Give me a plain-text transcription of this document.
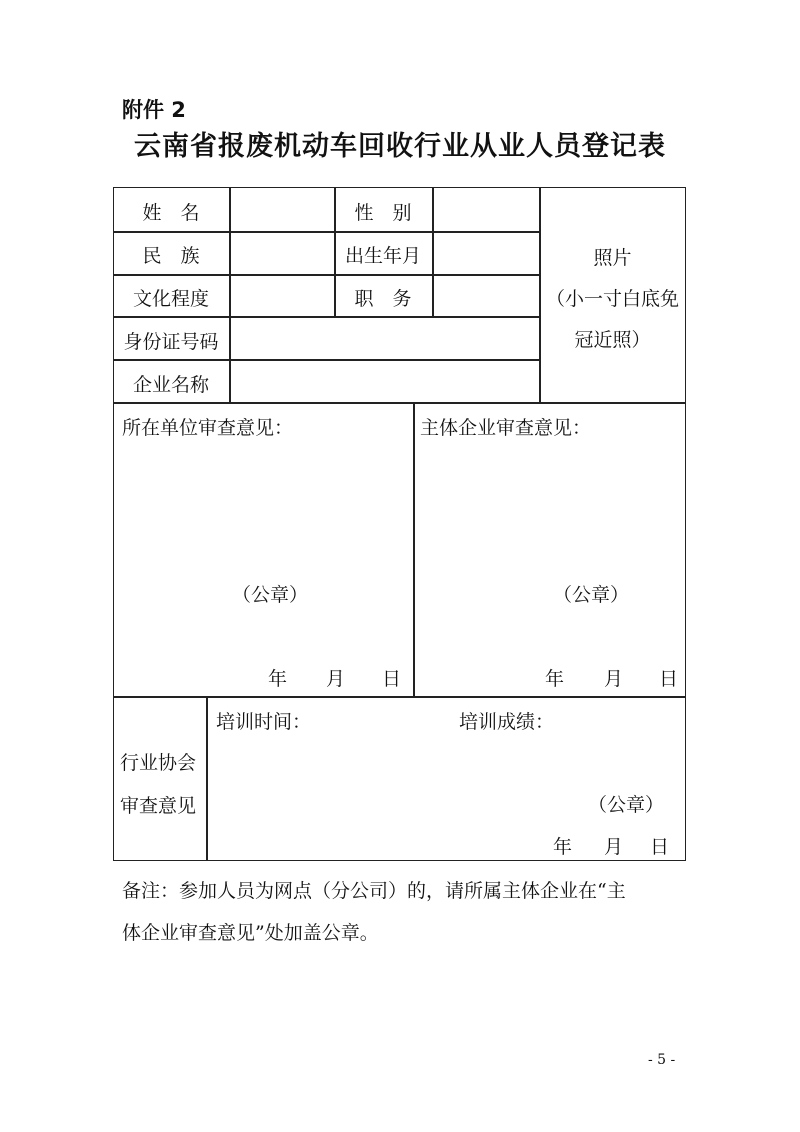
附件 2
云南省报废机动车回收行业从业人员登记表
姓　名	性　别
民　族	出生年月
文化程度	职　务
身份证号码
企业名称
照片
（小一寸白底免
冠近照）
所在单位审查意见：	主体企业审查意见：
（公章）	（公章）
年 月 日	年 月 日
行业协会
审查意见
培训时间：	培训成绩：
（公章）
年 月 日
备注：参加人员为网点（分公司）的，请所属主体企业在“主
体企业审查意见”处加盖公章。
- 5 -
